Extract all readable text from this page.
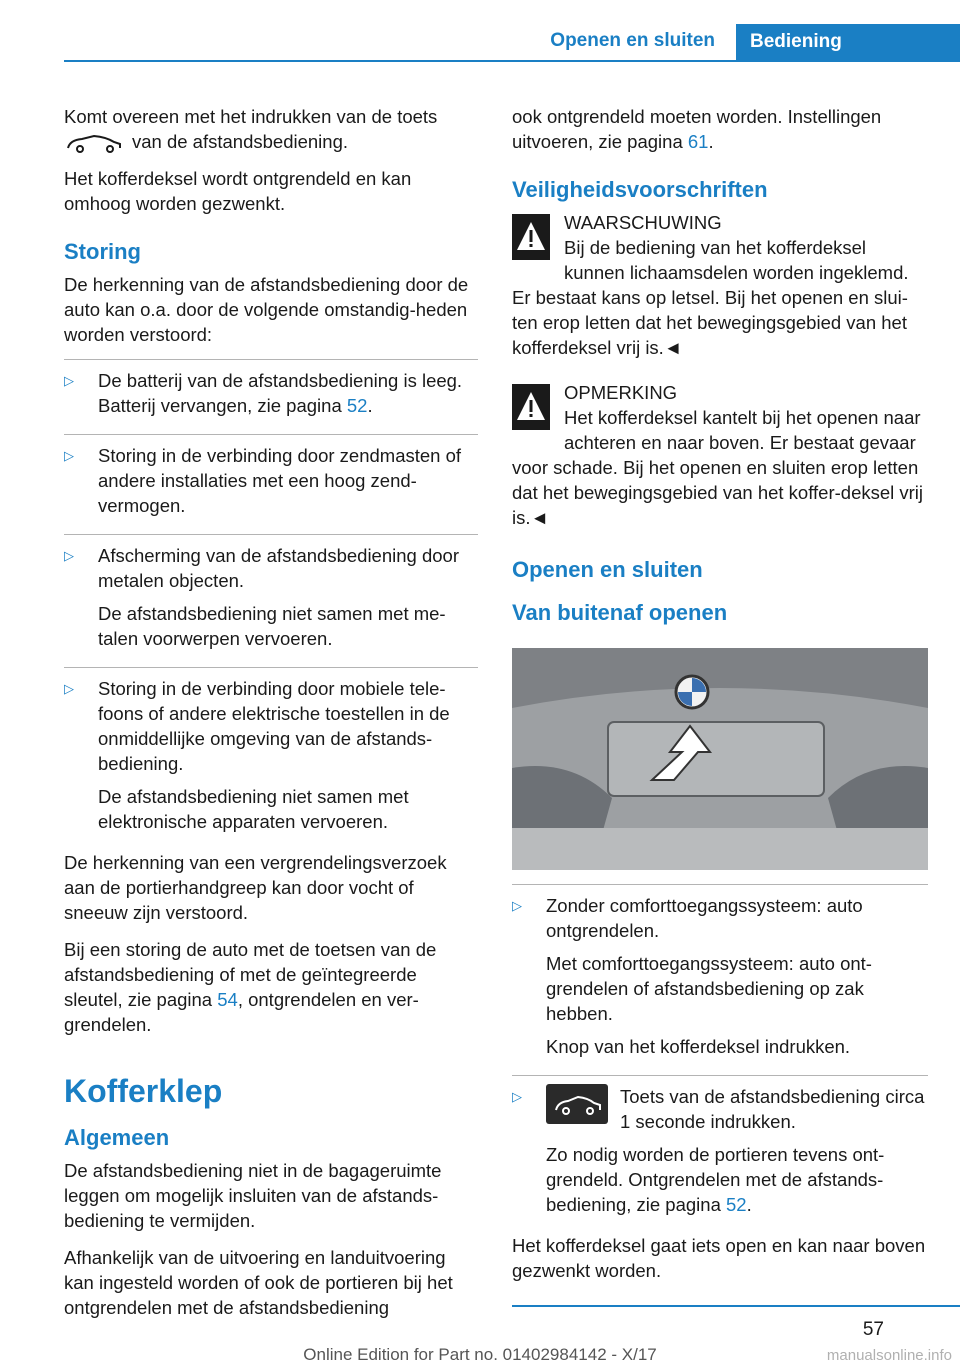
Openen en sluiten	Bediening

Komt overeen met het indrukken van de toets
van de afstandsbediening.

Het kofferdeksel wordt ontgrendeld en kan omhoog worden gezwenkt.

Storing

De herkenning van de afstandsbediening door de auto kan o.a. door de volgende omstandig-heden worden verstoord:

▷	De batterij van de afstandsbediening is leeg. Batterij vervangen, zie pagina 52.

▷	Storing in de verbinding door zendmasten of andere installaties met een hoog zend-vermogen.

▷	Afscherming van de afstandsbediening door metalen objecten.

De afstandsbediening niet samen met me-talen voorwerpen vervoeren.

▷	Storing in de verbinding door mobiele tele-foons of andere elektrische toestellen in de onmiddellijke omgeving van de afstands-bediening.

De afstandsbediening niet samen met elektronische apparaten vervoeren.

De herkenning van een vergrendelingsverzoek aan de portierhandgreep kan door vocht of sneeuw zijn verstoord.

Bij een storing de auto met de toetsen van de afstandsbediening of met de geïntegreerde sleutel, zie pagina 54, ontgrendelen en ver-grendelen.

Kofferklep
Algemeen

De afstandsbediening niet in de bagageruimte leggen om mogelijk insluiten van de afstands-bediening te vermijden.

Afhankelijk van de uitvoering en landuitvoering kan ingesteld worden of ook de portieren bij het ontgrendelen met de afstandsbediening

ook ontgrendeld moeten worden. Instellingen uitvoeren, zie pagina 61.

Veiligheidsvoorschriften
WAARSCHUWING
Bij de bediening van het kofferdeksel kunnen lichaamsdelen worden ingeklemd. Er bestaat kans op letsel. Bij het openen en slui-ten erop letten dat het bewegingsgebied van het kofferdeksel vrij is.◄
OPMERKING
Het kofferdeksel kantelt bij het openen naar achteren en naar boven. Er bestaat gevaar voor schade. Bij het openen en sluiten erop letten dat het bewegingsgebied van het koffer-deksel vrij is.◄
Openen en sluiten
Van buitenaf openen
▷	Zonder comforttoegangssysteem: auto ontgrendelen.

Met comforttoegangssysteem: auto ont-grendelen of afstandsbediening op zak hebben.

Knop van het kofferdeksel indrukken.

▷	Toets van de afstandsbediening circa 1 seconde indrukken.

Zo nodig worden de portieren tevens ont-grendeld. Ontgrendelen met de afstands-bediening, zie pagina 52.

Het kofferdeksel gaat iets open en kan naar boven gezwenkt worden.

57
Online Edition for Part no. 01402984142 - X/17	manualsonline.info
